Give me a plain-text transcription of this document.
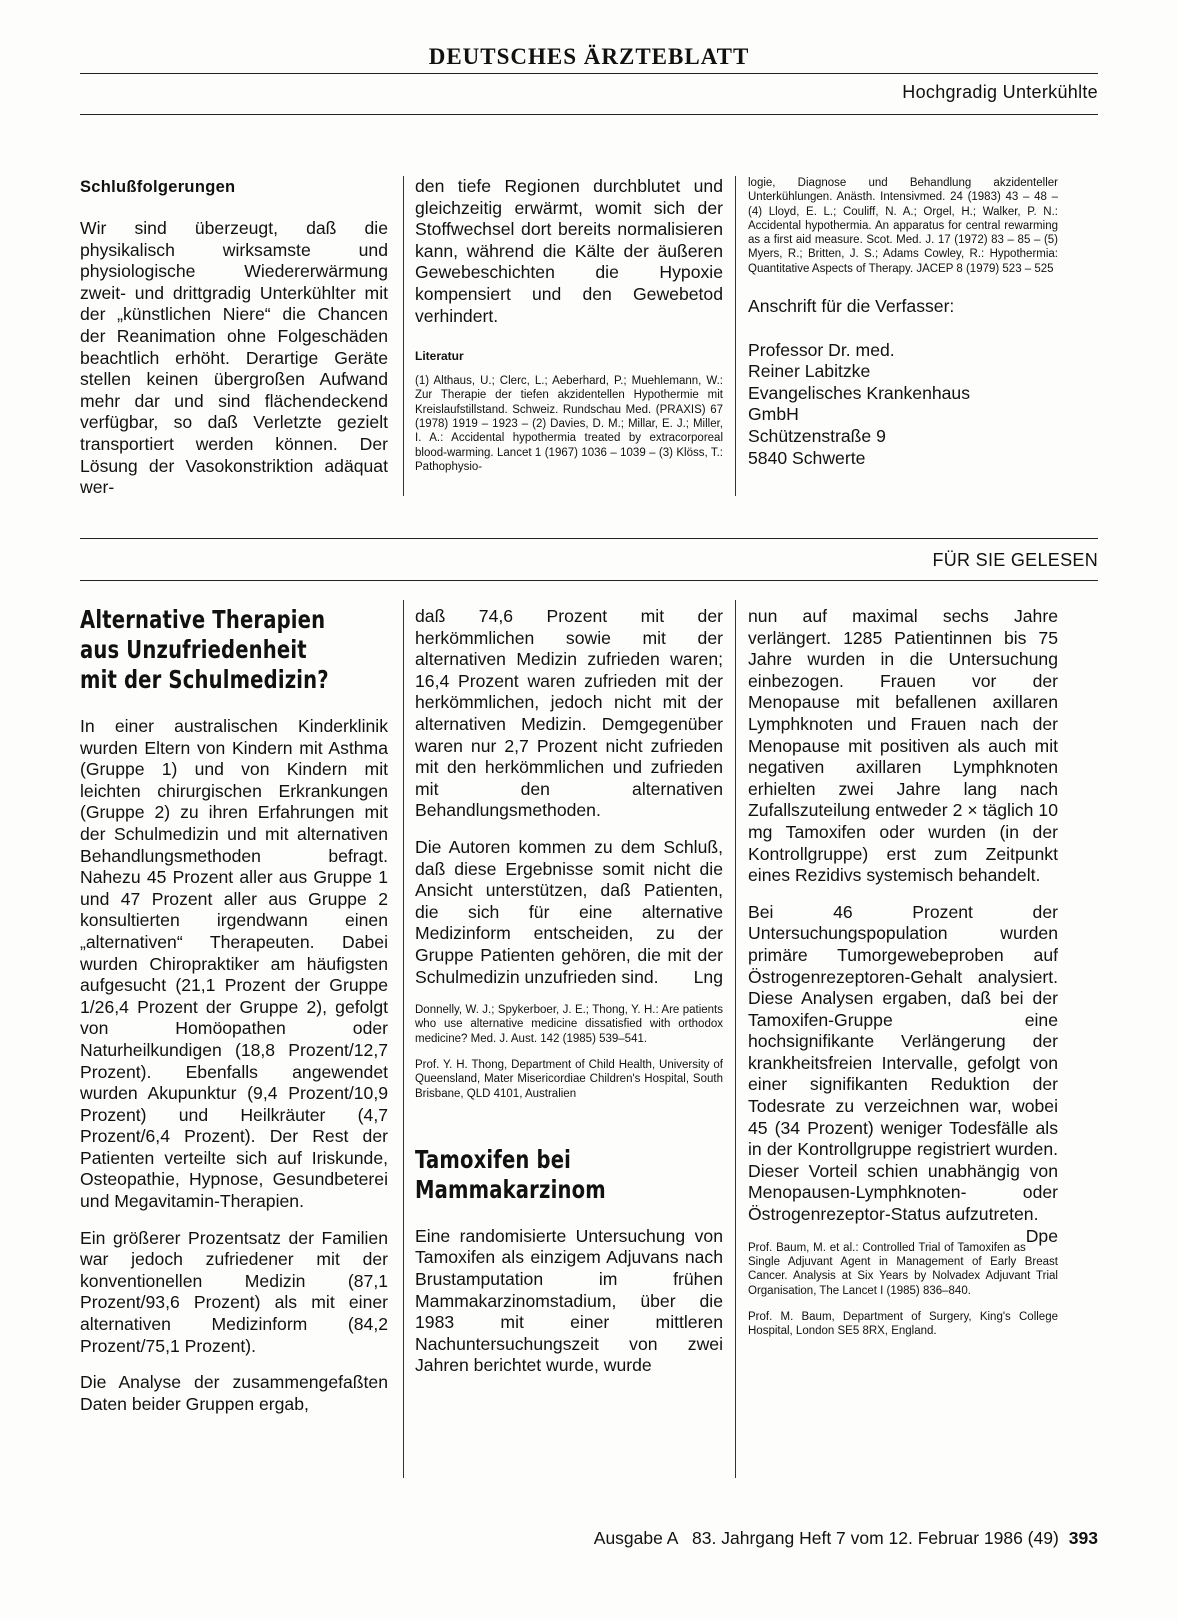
DEUTSCHES ÄRZTEBLATT
Hochgradig Unterkühlte
Schlußfolgerungen
Wir sind überzeugt, daß die physikalisch wirksamste und physiologische Wiedererwärmung zweit- und drittgradig Unterkühlter mit der „künstlichen Niere“ die Chancen der Reanimation ohne Folgeschäden beachtlich erhöht. Derartige Geräte stellen keinen übergroßen Aufwand mehr dar und sind flächendeckend verfügbar, so daß Verletzte gezielt transportiert werden können. Der Lösung der Vasokonstriktion adäquat wer-
den tiefe Regionen durchblutet und gleichzeitig erwärmt, womit sich der Stoffwechsel dort bereits normalisieren kann, während die Kälte der äußeren Gewebeschichten die Hypoxie kompensiert und den Gewebetod verhindert.
Literatur
(1) Althaus, U.; Clerc, L.; Aeberhard, P.; Muehlemann, W.: Zur Therapie der tiefen akzidentellen Hypothermie mit Kreislaufstillstand. Schweiz. Rundschau Med. (PRAXIS) 67 (1978) 1919 – 1923 – (2) Davies, D. M.; Millar, E. J.; Miller, I. A.: Accidental hypothermia treated by extracorporeal blood-warming. Lancet 1 (1967) 1036 – 1039 – (3) Klöss, T.: Pathophysio-
logie, Diagnose und Behandlung akzidenteller Unterkühlungen. Anästh. Intensivmed. 24 (1983) 43 – 48 – (4) Lloyd, E. L.; Couliff, N. A.; Orgel, H.; Walker, P. N.: Accidental hypothermia. An apparatus for central rewarming as a first aid measure. Scot. Med. J. 17 (1972) 83 – 85 – (5) Myers, R.; Britten, J. S.; Adams Cowley, R.: Hypothermia: Quantitative Aspects of Therapy. JACEP 8 (1979) 523 – 525
Anschrift für die Verfasser:
Professor Dr. med.
Reiner Labitzke
Evangelisches Krankenhaus
GmbH
Schützenstraße 9
5840 Schwerte
FÜR SIE GELESEN
Alternative Therapien
aus Unzufriedenheit
mit der Schulmedizin?

In einer australischen Kinderklinik wurden Eltern von Kindern mit Asthma (Gruppe 1) und von Kindern mit leichten chirurgischen Erkrankungen (Gruppe 2) zu ihren Erfahrungen mit der Schulmedizin und mit alternativen Behandlungsmethoden befragt. Nahezu 45 Prozent aller aus Gruppe 1 und 47 Prozent aller aus Gruppe 2 konsultierten irgendwann einen „alternativen“ Therapeuten. Dabei wurden Chiropraktiker am häufigsten aufgesucht (21,1 Prozent der Gruppe 1/26,4 Prozent der Gruppe 2), gefolgt von Homöopathen oder Naturheilkundigen (18,8 Prozent/12,7 Prozent). Ebenfalls angewendet wurden Akupunktur (9,4 Prozent/10,9 Prozent) und Heilkräuter (4,7 Prozent/6,4 Prozent). Der Rest der Patienten verteilte sich auf Iriskunde, Osteopathie, Hypnose, Gesundbeterei und Megavitamin-Therapien.

Ein größerer Prozentsatz der Familien war jedoch zufriedener mit der konventionellen Medizin (87,1 Prozent/93,6 Prozent) als mit einer alternativen Medizinform (84,2 Prozent/75,1 Prozent).

Die Analyse der zusammengefaßten Daten beider Gruppen ergab,

daß 74,6 Prozent mit der herkömmlichen sowie mit der alternativen Medizin zufrieden waren; 16,4 Prozent waren zufrieden mit der herkömmlichen, jedoch nicht mit der alternativen Medizin. Demgegenüber waren nur 2,7 Prozent nicht zufrieden mit den herkömmlichen und zufrieden mit den alternativen Behandlungsmethoden.

Die Autoren kommen zu dem Schluß, daß diese Ergebnisse somit nicht die Ansicht unterstützen, daß Patienten, die sich für eine alternative Medizinform entscheiden, zu der Gruppe Patienten gehören, die mit der Schulmedizin unzufrieden sind. Lng

Donnelly, W. J.; Spykerboer, J. E.; Thong, Y. H.: Are patients who use alternative medicine dissatisfied with orthodox medicine? Med. J. Aust. 142 (1985) 539–541.

Prof. Y. H. Thong, Department of Child Health, University of Queensland, Mater Misericordiae Children's Hospital, South Brisbane, QLD 4101, Australien

Tamoxifen bei
Mammakarzinom
Eine randomisierte Untersuchung von Tamoxifen als einzigem Adjuvans nach Brustamputation im frühen Mammakarzinomstadium, über die 1983 mit einer mittleren Nachuntersuchungszeit von zwei Jahren berichtet wurde, wurde

nun auf maximal sechs Jahre verlängert. 1285 Patientinnen bis 75 Jahre wurden in die Untersuchung einbezogen. Frauen vor der Menopause mit befallenen axillaren Lymphknoten und Frauen nach der Menopause mit positiven als auch mit negativen axillaren Lymphknoten erhielten zwei Jahre lang nach Zufallszuteilung entweder 2 × täglich 10 mg Tamoxifen oder wurden (in der Kontrollgruppe) erst zum Zeitpunkt eines Rezidivs systemisch behandelt.

Bei 46 Prozent der Untersuchungspopulation wurden primäre Tumorgewebeproben auf Östrogenrezeptoren-Gehalt analysiert. Diese Analysen ergaben, daß bei der Tamoxifen-Gruppe eine hochsignifikante Verlängerung der krankheitsfreien Intervalle, gefolgt von einer signifikanten Reduktion der Todesrate zu verzeichnen war, wobei 45 (34 Prozent) weniger Todesfälle als in der Kontrollgruppe registriert wurden. Dieser Vorteil schien unabhängig von Menopausen-Lymphknoten- oder Östrogenrezeptor-Status aufzutreten.
Dpe

Prof. Baum, M. et al.: Controlled Trial of Tamoxifen as Single Adjuvant Agent in Management of Early Breast Cancer. Analysis at Six Years by Nolvadex Adjuvant Trial Organisation, The Lancet I (1985) 836–840.

Prof. M. Baum, Department of Surgery, King's College Hospital, London SE5 8RX, England.

Ausgabe A   83. Jahrgang Heft 7 vom 12. Februar 1986 (49) 393
